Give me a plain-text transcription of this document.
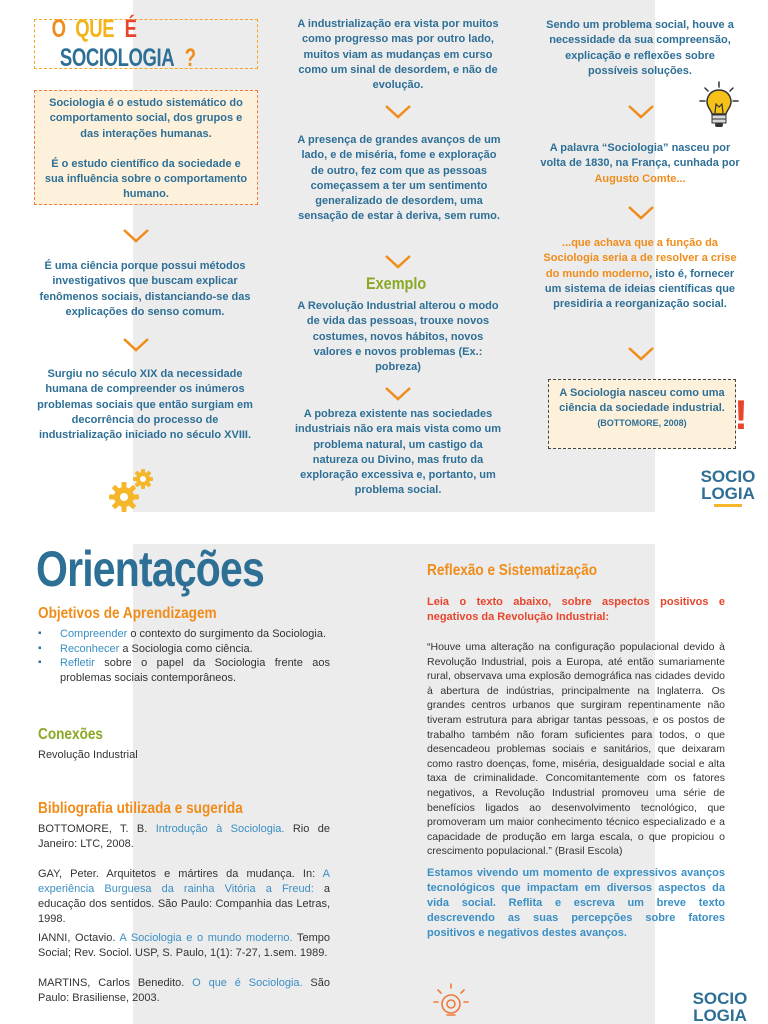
O QUE É SOCIOLOGIA ?

Sociologia é o estudo sistemático do comportamento social, dos grupos e das interações humanas.

É o estudo científico da sociedade e sua influência sobre o comportamento humano.

É uma ciência porque possui métodos investigativos que buscam explicar fenômenos sociais, distanciando-se das explicações do senso comum.

Surgiu no século XIX da necessidade humana de compreender os inúmeros problemas sociais que então surgiam em decorrência do processo de industrialização iniciado no século XVIII.

A industrialização era vista por muitos como progresso mas por outro lado, muitos viam as mudanças em curso como um sinal de desordem, e não de evolução.

A presença de grandes avanços de um lado, e de miséria, fome e exploração de outro, fez com que as pessoas começassem a ter um sentimento generalizado de desordem, uma sensação de estar à deriva, sem rumo.

Exemplo

A Revolução Industrial alterou o modo de vida das pessoas, trouxe novos costumes, novos hábitos, novos valores e novos problemas (Ex.: pobreza)

A pobreza existente nas sociedades industriais não era mais vista como um problema natural, um castigo da natureza ou Divino, mas fruto da exploração excessiva e, portanto, um problema social.

Sendo um problema social, houve a necessidade da sua compreensão, explicação e reflexões sobre possíveis soluções.

A palavra “Sociologia” nasceu por volta de 1830, na França, cunhada por Augusto Comte...

...que achava que a função da Sociologia seria a de resolver a crise do mundo moderno, isto é, fornecer um sistema de ideias científicas que presidiria a reorganização social.

A Sociologia nasceu como uma ciência da sociedade industrial.

(BOTTOMORE, 2008)	!
SOCIO
LOGIA
Orientações
Objetivos de Aprendizagem
▪ Compreender o contexto do surgimento da Sociologia.
▪ Reconhecer a Sociologia como ciência.
▪ Refletir sobre o papel da Sociologia frente aos problemas sociais contemporâneos.
Conexões
Revolução Industrial
Bibliografia utilizada e sugerida

BOTTOMORE, T. B. Introdução à Sociologia. Rio de Janeiro: LTC, 2008.

GAY, Peter. Arquitetos e mártires da mudança. In: A experiência Burguesa da rainha Vitória a Freud: a educação dos sentidos. São Paulo: Companhia das Letras, 1998.

IANNI, Octavio. A Sociologia e o mundo moderno. Tempo Social; Rev. Sociol. USP, S. Paulo, 1(1): 7-27, 1.sem. 1989.

MARTINS, Carlos Benedito. O que é Sociologia. São Paulo: Brasiliense, 2003.

Reflexão e Sistematização

Leia o texto abaixo, sobre aspectos positivos e negativos da Revolução Industrial:

“Houve uma alteração na configuração populacional devido à Revolução Industrial, pois a Europa, até então sumariamente rural, observava uma explosão demográfica nas cidades devido à abertura de indústrias, principalmente na Inglaterra. Os grandes centros urbanos que surgiram repentinamente não tiveram estrutura para abrigar tantas pessoas, e os postos de trabalho também não foram suficientes para todos, o que desencadeou problemas sociais e sanitários, que deixaram como rastro doenças, fome, miséria, desigualdade social e alta taxa de criminalidade. Concomitantemente com os fatores negativos, a Revolução Industrial promoveu uma série de benefícios ligados ao desenvolvimento tecnológico, que promoveram um maior conhecimento técnico especializado e a capacidade de produção em larga escala, o que propiciou o crescimento populacional.” (Brasil Escola)

Estamos vivendo um momento de expressivos avanços tecnológicos que impactam em diversos aspectos da vida social. Reflita e escreva um breve texto descrevendo as suas percepções sobre fatores positivos e negativos destes avanços.

SOCIO
LOGIA
